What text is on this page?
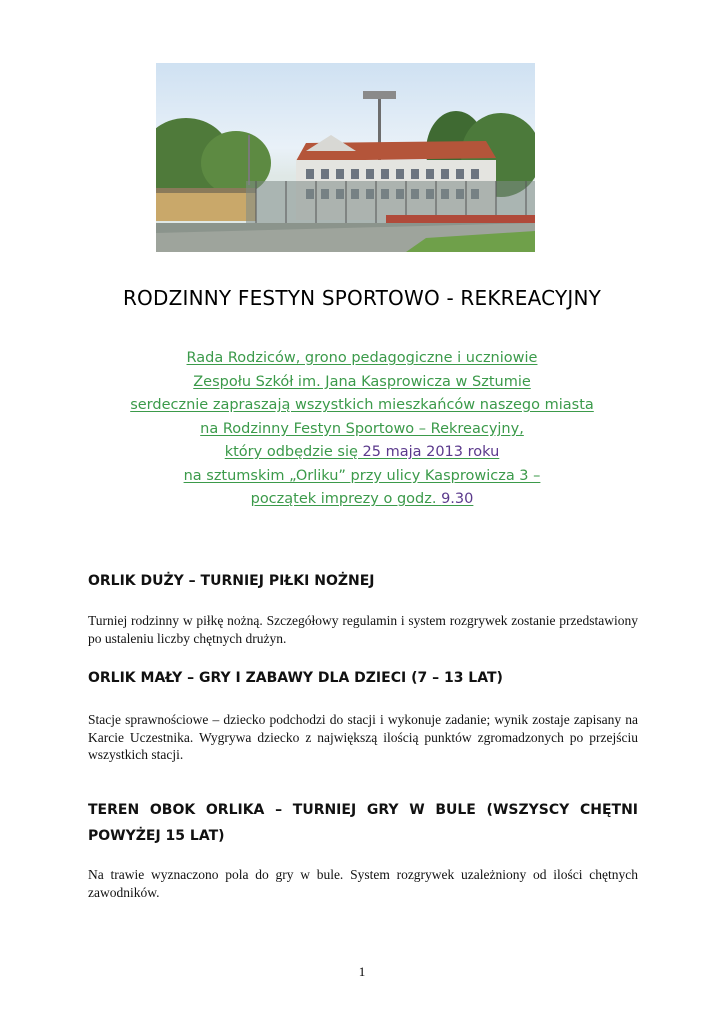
RODZINNY FESTYN SPORTOWO - REKREACYJNY
Rada Rodziców, grono pedagogiczne i uczniowie
Zespołu Szkół im. Jana Kasprowicza w Sztumie
serdecznie zapraszają wszystkich mieszkańców naszego miasta
na Rodzinny Festyn Sportowo – Rekreacyjny,
który odbędzie się 25 maja 2013 roku
na sztumskim „Orliku” przy ulicy Kasprowicza 3 –
początek imprezy o godz. 9.30
ORLIK DUŻY – TURNIEJ PIŁKI NOŻNEJ
Turniej rodzinny w piłkę nożną. Szczegółowy regulamin i system rozgrywek zostanie przedstawiony po ustaleniu liczby chętnych drużyn.
ORLIK MAŁY – GRY I ZABAWY DLA DZIECI (7 – 13 LAT)
Stacje sprawnościowe – dziecko podchodzi do stacji i wykonuje zadanie; wynik zostaje zapisany na Karcie Uczestnika. Wygrywa dziecko z największą ilością punktów zgromadzonych po przejściu wszystkich stacji.
TEREN OBOK ORLIKA – TURNIEJ GRY W BULE (WSZYSCY CHĘTNI POWYŻEJ 15 LAT)
Na trawie wyznaczono pola do gry w bule. System rozgrywek uzależniony od ilości chętnych zawodników.
1
